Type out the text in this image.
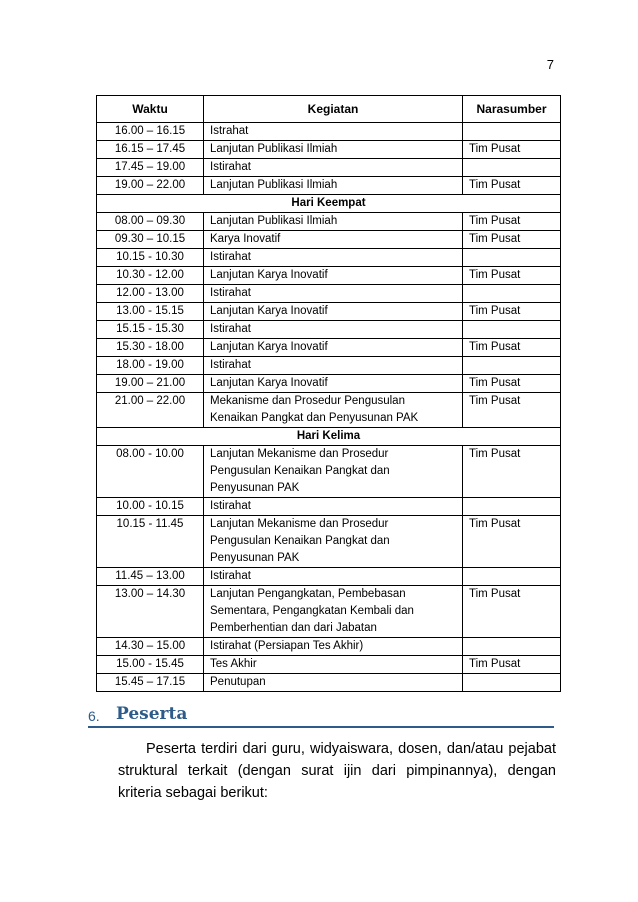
7
Waktu	Kegiatan	Narasumber
16.00 – 16.15	Istrahat	

16.15 – 17.45	Lanjutan Publikasi Ilmiah	Tim Pusat
17.45 – 19.00	Istirahat	

19.00 – 22.00	Lanjutan Publikasi Ilmiah	Tim Pusat
Hari Keempat		
08.00 – 09.30	Lanjutan Publikasi Ilmiah	Tim Pusat
09.30 – 10.15	Karya Inovatif	Tim Pusat
10.15 - 10.30	Istirahat	

10.30 - 12.00	Lanjutan Karya Inovatif	Tim Pusat
12.00 - 13.00	Istirahat	

13.00 - 15.15	Lanjutan Karya Inovatif	Tim Pusat
15.15 - 15.30	Istirahat	

15.30 - 18.00	Lanjutan Karya Inovatif	Tim Pusat
18.00 - 19.00	Istirahat	

19.00 – 21.00	Lanjutan Karya Inovatif	Tim Pusat
21.00 – 22.00	Mekanisme dan Prosedur Pengusulan
Kenaikan Pangkat dan Penyusunan PAK	Tim Pusat
Hari Kelima		
08.00 - 10.00	Lanjutan Mekanisme dan Prosedur
Pengusulan Kenaikan Pangkat dan
Penyusunan PAK	Tim Pusat
10.00 - 10.15	Istirahat	

10.15 - 11.45	Lanjutan Mekanisme dan Prosedur
Pengusulan Kenaikan Pangkat dan
Penyusunan PAK	Tim Pusat
11.45 – 13.00	Istirahat	

13.00 – 14.30	Lanjutan Pengangkatan, Pembebasan
Sementara, Pengangkatan Kembali dan
Pemberhentian dan dari Jabatan	Tim Pusat
14.30 – 15.00	Istirahat (Persiapan Tes Akhir)	

15.00 - 15.45	Tes Akhir	Tim Pusat
15.45 – 17.15	Penutupan	

6. Peserta

Peserta terdiri dari guru, widyaiswara, dosen, dan/atau pejabat struktural terkait (dengan surat ijin dari pimpinannya), dengan kriteria sebagai berikut:
